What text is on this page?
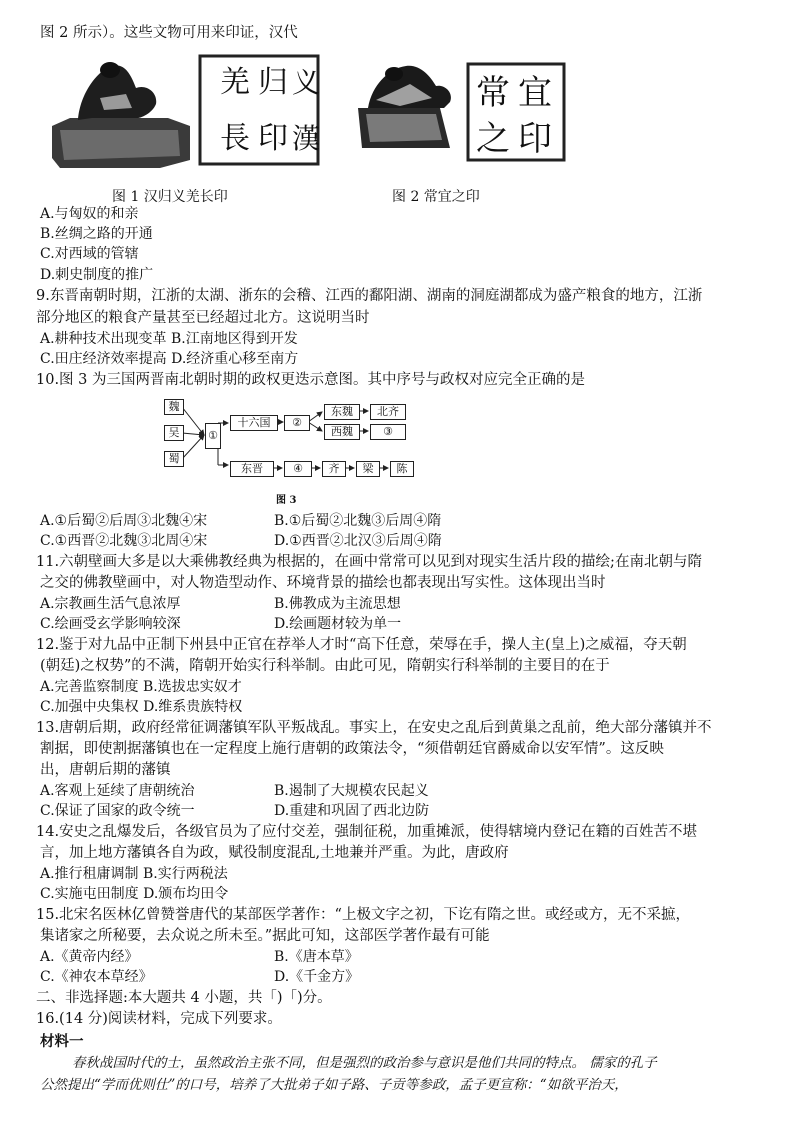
图 2 所示）。这些文物可用来印证，汉代
羌 归 义
長 印 漢
常 宜
之 印
图 1 汉归义羌长印	图 2 常宜之印
A.与匈奴的和亲
B.丝绸之路的开通
C.对西域的管辖
D.刺史制度的推广
9.东晋南朝时期，江浙的太湖、浙东的会稽、江西的鄱阳湖、湖南的洞庭湖都成为盛产粮食的地方，江浙
部分地区的粮食产量甚至已经超过北方。这说明当时
A.耕种技术出现变革 B.江南地区得到开发
C.田庄经济效率提高 D.经济重心移至南方
10.图 3 为三国两晋南北朝时期的政权更迭示意图。其中序号与政权对应完全正确的是
魏
吴
蜀
①
十六国	②
东魏	北齐
西魏	③
东晋	④	齐	梁	陈
图 3
A.①后蜀②后周③北魏④宋	B.①后蜀②北魏③后周④隋
C.①西晋②北魏③北周④宋	D.①西晋②北汉③后周④隋
11.六朝壁画大多是以大乘佛教经典为根据的，在画中常常可以见到对现实生活片段的描绘;在南北朝与隋
之交的佛教壁画中，对人物造型动作、环境背景的描绘也都表现出写实性。这体现出当时
A.宗教画生活气息浓厚	B.佛教成为主流思想
C.绘画受玄学影响较深	D.绘画题材较为单一
12.鉴于对九品中正制下州县中正官在荐举人才时“高下任意，荣辱在手，操人主(皇上)之威福，夺天朝
(朝廷)之权势”的不满，隋朝开始实行科举制。由此可见，隋朝实行科举制的主要目的在于
A.完善监察制度 B.选拔忠实奴才
C.加强中央集权 D.维系贵族特权
13.唐朝后期，政府经常征调藩镇军队平叛战乱。事实上，在安史之乱后到黄巢之乱前，绝大部分藩镇并不
割据，即使割据藩镇也在一定程度上施行唐朝的政策法令，“须借朝廷官爵威命以安军情”。这反映
出，唐朝后期的藩镇
A.客观上延续了唐朝统治	B.遏制了大规模农民起义
C.保证了国家的政令统一	D.重建和巩固了西北边防
14.安史之乱爆发后，各级官员为了应付交差，强制征税，加重摊派，使得辖境内登记在籍的百姓苦不堪
言，加上地方藩镇各自为政，赋役制度混乱,土地兼并严重。为此，唐政府
A.推行租庸调制 B.实行两税法
C.实施屯田制度 D.颁布均田令
15.北宋名医林亿曾赞誉唐代的某部医学著作：“上极文字之初，下讫有隋之世。或经或方，无不采摭，
集诸家之所秘要，去众说之所未至。”据此可知，这部医学著作最有可能
A.《黄帝内经》	B.《唐本草》
C.《神农本草经》	D.《千金方》
二、非选择题:本大题共 4 小题，共「)「)分。
16.(14 分)阅读材料，完成下列要求。
材料一
春秋战国时代的士，虽然政治主张不同，但是强烈的政治参与意识是他们共同的特点。 儒家的孔子
公然提出“学而优则仕”的口号，培养了大批弟子如子路、子贡等参政，孟子更宣称：“如欲平治天，
